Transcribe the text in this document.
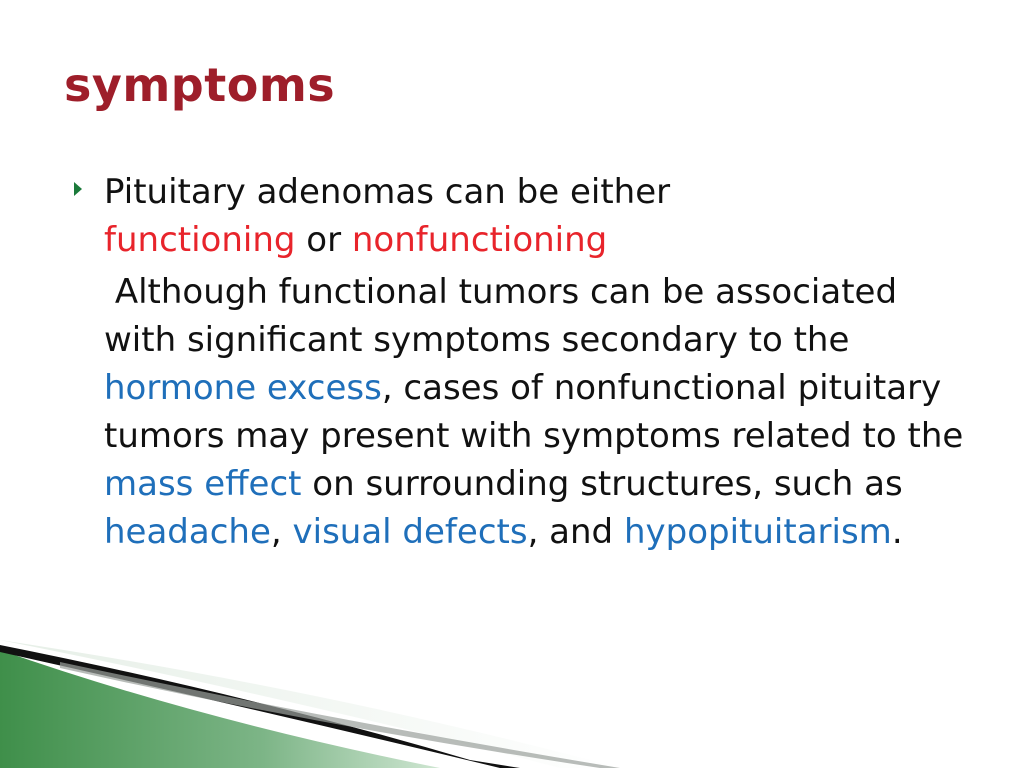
symptoms
Pituitary adenomas can be either
functioning or nonfunctioning
Although functional tumors can be associated with significant symptoms secondary to the hormone excess, cases of nonfunctional pituitary tumors may present with symptoms related to the mass effect on surrounding structures, such as headache, visual defects, and hypopituitarism.
